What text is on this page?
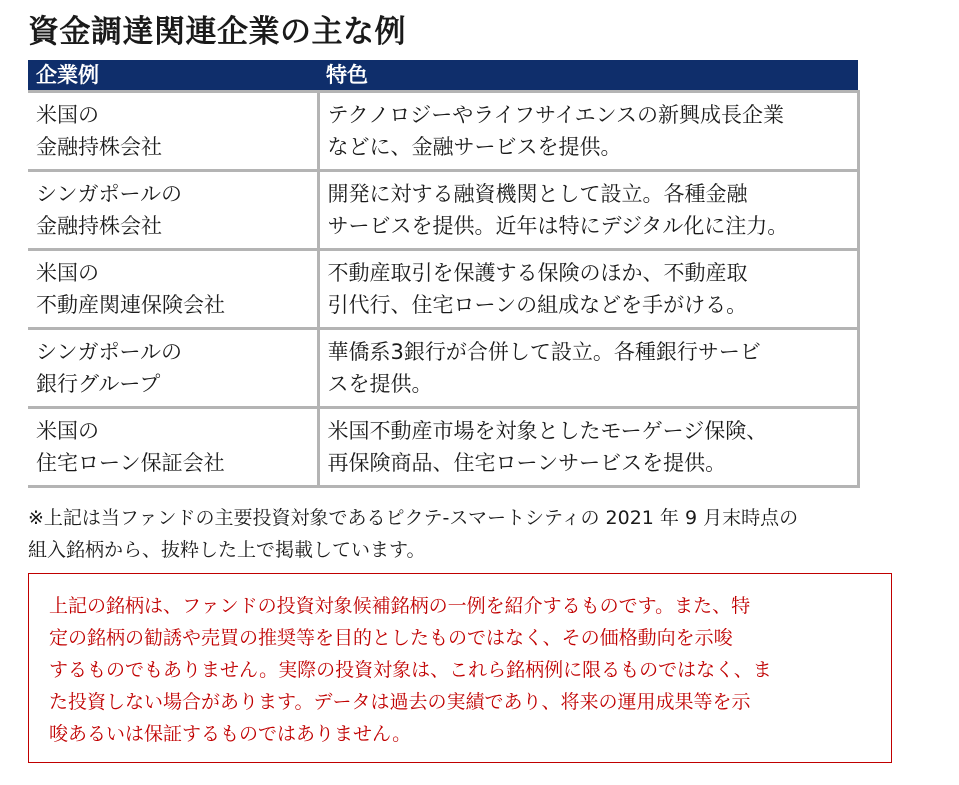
資金調達関連企業の主な例
企業例	特色

米国の
金融持株会社	テクノロジーやライフサイエンスの新興成長企業
などに、金融サービスを提供。

シンガポールの
金融持株会社	開発に対する融資機関として設立。各種金融
サービスを提供。近年は特にデジタル化に注力。

米国の
不動産関連保険会社	不動産取引を保護する保険のほか、不動産取
引代行、住宅ローンの組成などを手がける。

シンガポールの
銀行グループ	華僑系3銀行が合併して設立。各種銀行サービ
スを提供。

米国の
住宅ローン保証会社	米国不動産市場を対象としたモーゲージ保険、
再保険商品、住宅ローンサービスを提供。
※上記は当ファンドの主要投資対象であるピクテ-スマートシティの 2021 年 9 月末時点の
組入銘柄から、抜粋した上で掲載しています。
上記の銘柄は、ファンドの投資対象候補銘柄の一例を紹介するものです。また、特
定の銘柄の勧誘や売買の推奨等を目的としたものではなく、その価格動向を示唆
するものでもありません。実際の投資対象は、これら銘柄例に限るものではなく、ま
た投資しない場合があります。データは過去の実績であり、将来の運用成果等を示
唆あるいは保証するものではありません。
